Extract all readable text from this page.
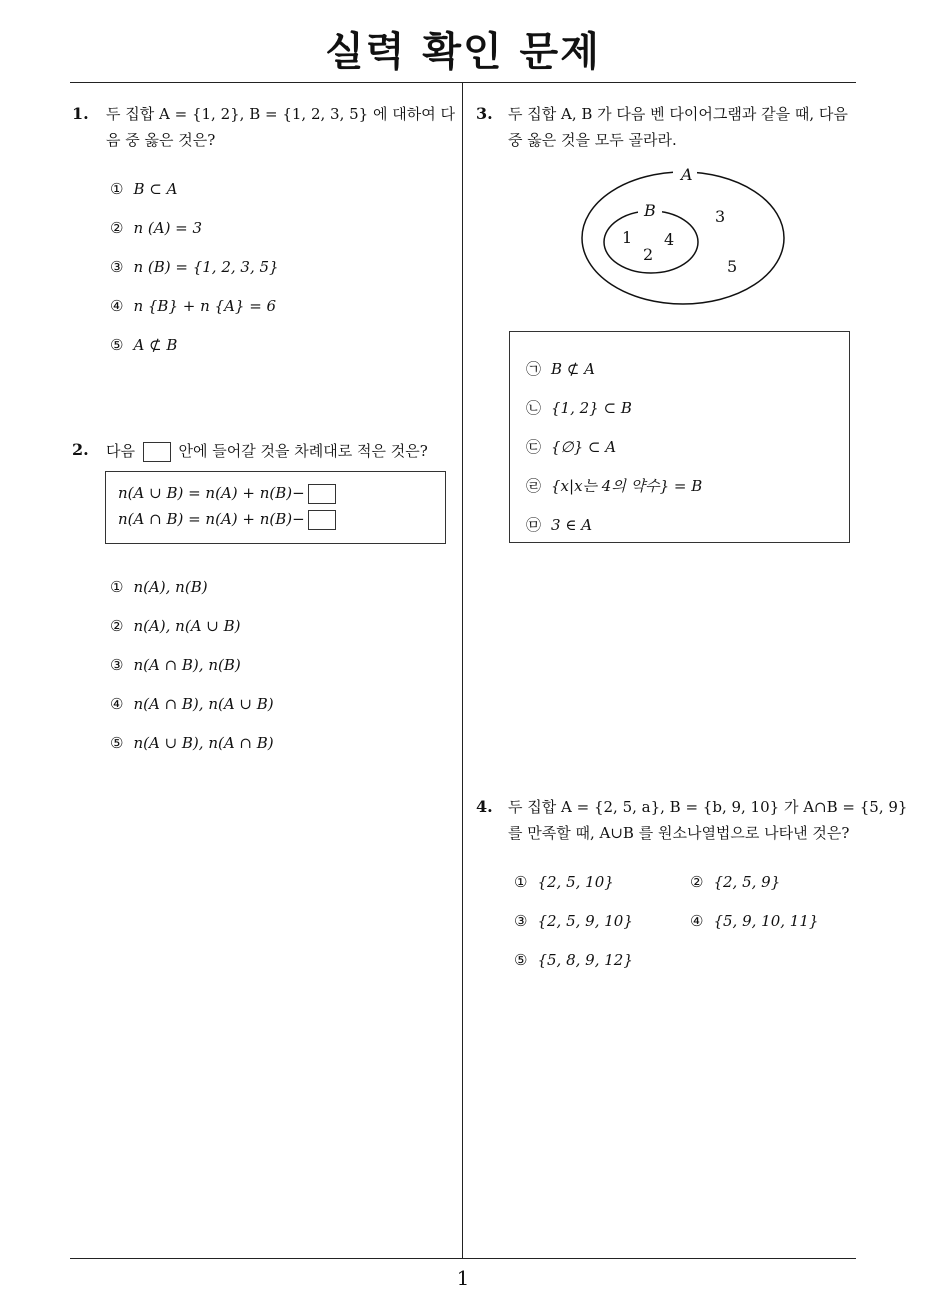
실력 확인 문제
1
1. 두 집합 A = {1, 2}, B = {1, 2, 3, 5} 에 대하여 다
음 중 옳은 것은?
① B ⊂ A
② n (A) = 3
③ n (B) = {1, 2, 3, 5}
④ n {B} + n {A} = 6
⑤ A ⊄ B
2. 다음	안에 들어갈 것을 차례대로 적은 것은?
n(A ∪ B) = n(A) + n(B)−
n(A ∩ B) = n(A) + n(B)−
① n(A), n(B)
② n(A), n(A ∪ B)
③ n(A ∩ B), n(B)
④ n(A ∩ B), n(A ∪ B)
⑤ n(A ∪ B), n(A ∩ B)
3. 두 집합 A, B 가 다음 벤 다이어그램과 같을 때, 다음
중 옳은 것을 모두 골라라.
A
B
1
2
4
3
5
㉠ B ⊄ A
㉡ {1, 2} ⊂ B
㉢ {∅} ⊂ A
㉣ {x|x는 4의 약수} = B
㉤ 3 ∈ A
4. 두 집합 A = {2, 5, a}, B = {b, 9, 10} 가 A∩B = {5, 9}
를 만족할 때, A∪B 를 원소나열법으로 나타낸 것은?
① {2, 5, 10}	② {2, 5, 9}
③ {2, 5, 9, 10}	④ {5, 9, 10, 11}
⑤ {5, 8, 9, 12}
